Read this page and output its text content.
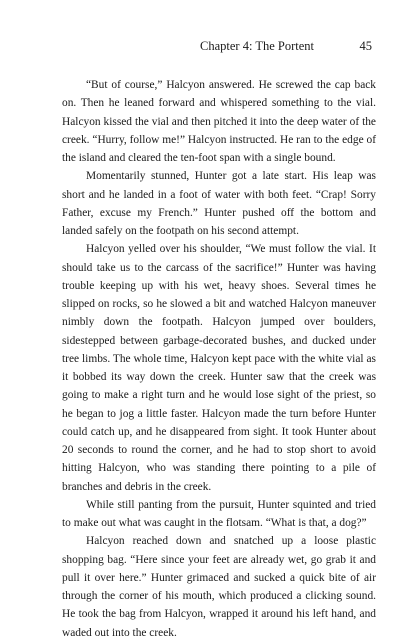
Chapter 4: The Portent	45

“But of course,” Halcyon answered. He screwed the cap back on. Then he leaned forward and whispered something to the vial. Halcyon kissed the vial and then pitched it into the deep water of the creek. “Hurry, follow me!” Halcyon instructed. He ran to the edge of the island and cleared the ten-foot span with a single bound.

Momentarily stunned, Hunter got a late start. His leap was short and he landed in a foot of water with both feet. “Crap! Sorry Father, excuse my French.” Hunter pushed off the bottom and landed safely on the footpath on his second attempt.

Halcyon yelled over his shoulder, “We must follow the vial. It should take us to the carcass of the sacrifice!” Hunter was having trouble keeping up with his wet, heavy shoes. Several times he slipped on rocks, so he slowed a bit and watched Halcyon maneuver nimbly down the footpath. Halcyon jumped over boulders, sidestepped between garbage-decorated bushes, and ducked under tree limbs. The whole time, Halcyon kept pace with the white vial as it bobbed its way down the creek. Hunter saw that the creek was going to make a right turn and he would lose sight of the priest, so he began to jog a little faster. Halcyon made the turn before Hunter could catch up, and he disappeared from sight. It took Hunter about 20 seconds to round the corner, and he had to stop short to avoid hitting Halcyon, who was standing there pointing to a pile of branches and debris in the creek.

While still panting from the pursuit, Hunter squinted and tried to make out what was caught in the flotsam. “What is that, a dog?”

Halcyon reached down and snatched up a loose plastic shopping bag. “Here since your feet are already wet, go grab it and pull it over here.” Hunter grimaced and sucked a quick bite of air through the corner of his mouth, which produced a clicking sound. He took the bag from Halcyon, wrapped it around his left hand, and waded out into the creek.
